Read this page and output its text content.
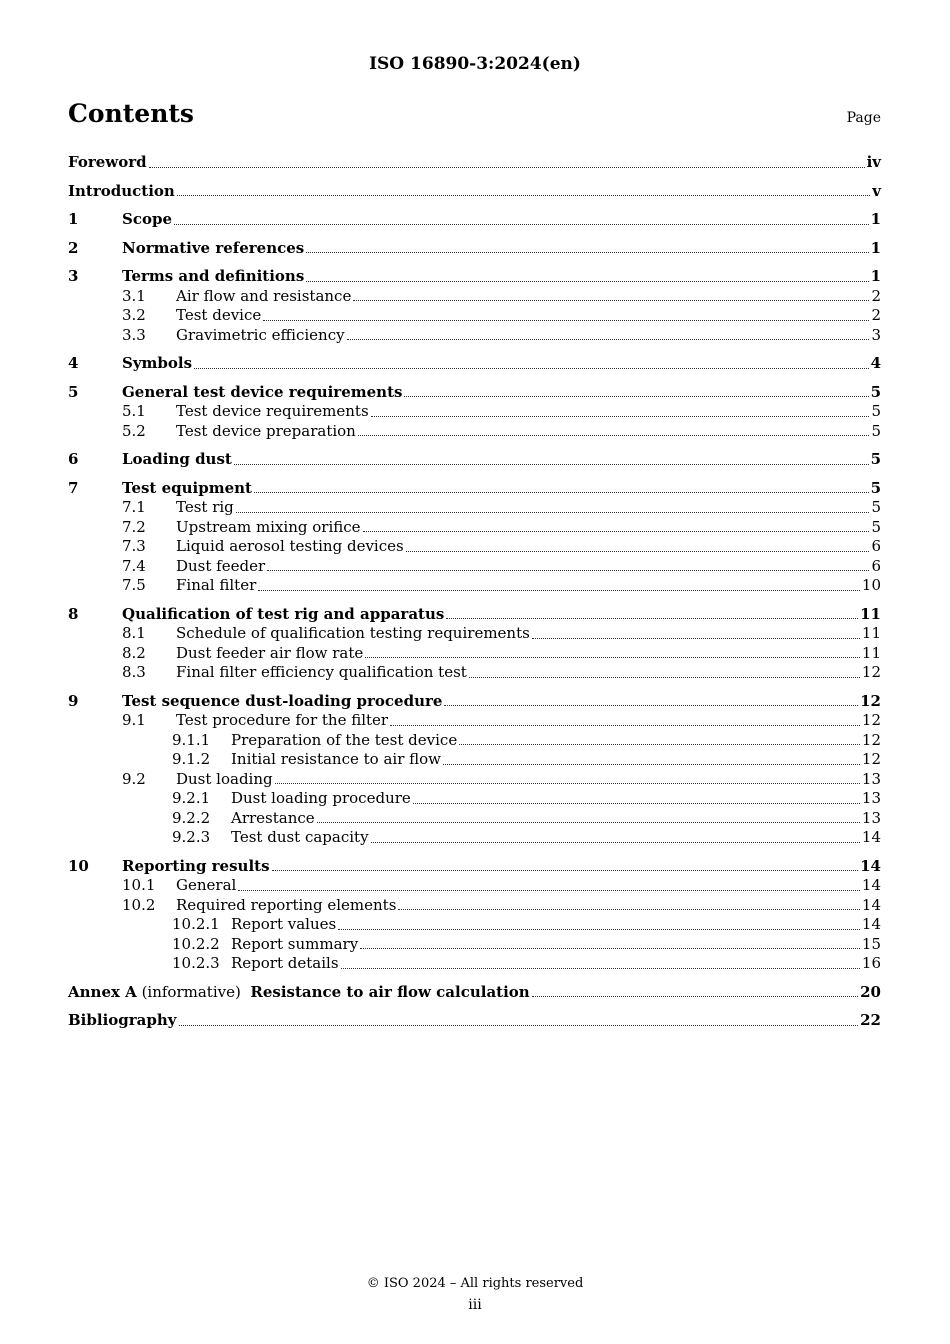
ISO 16890-3:2024(en)
Contents	Page
Foreword	iv
Introduction	v
1	Scope	1
2	Normative references	1
3	Terms and definitions	1
3.1	Air flow and resistance	2
3.2	Test device	2
3.3	Gravimetric efficiency	3
4	Symbols	4
5	General test device requirements	5
5.1	Test device requirements	5
5.2	Test device preparation	5
6	Loading dust	5
7	Test equipment	5
7.1	Test rig	5
7.2	Upstream mixing orifice	5
7.3	Liquid aerosol testing devices	6
7.4	Dust feeder	6
7.5	Final filter	10
8	Qualification of test rig and apparatus	11
8.1	Schedule of qualification testing requirements	11
8.2	Dust feeder air flow rate	11
8.3	Final filter efficiency qualification test	12
9	Test sequence dust-loading procedure	12
9.1	Test procedure for the filter	12
9.1.1	Preparation of the test device	12
9.1.2	Initial resistance to air flow	12
9.2	Dust loading	13
9.2.1	Dust loading procedure	13
9.2.2	Arrestance	13
9.2.3	Test dust capacity	14
10	Reporting results	14
10.1	General	14
10.2	Required reporting elements	14
10.2.1 Report values	14
10.2.2 Report summary	15
10.2.3 Report details	16
Annex A (informative)  Resistance to air flow calculation	20
Bibliography	22
© ISO 2024 – All rights reserved
iii
